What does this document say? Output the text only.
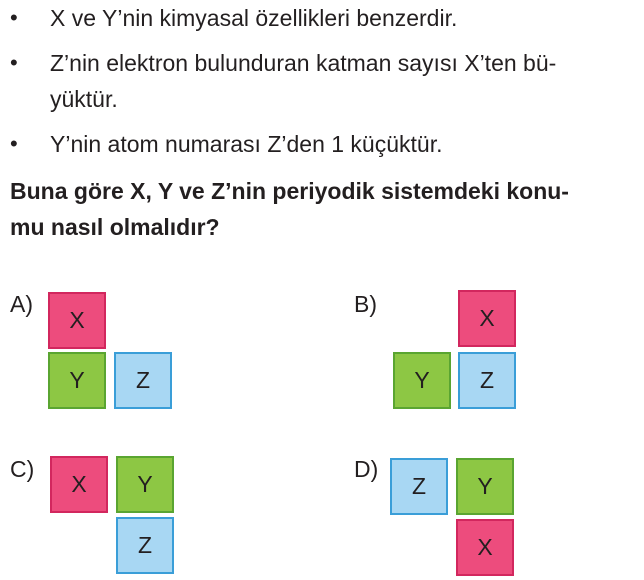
• X ve Y’nin kimyasal özellikleri benzerdir.
• Z’nin elektron bulunduran katman sayısı X’ten bü-
yüktür.
• Y’nin atom numarası Z’den 1 küçüktür.
Buna göre X, Y ve Z’nin periyodik sistemdeki konu-
mu nasıl olmalıdır?
A)
X
Y	Z
B)
X
Y	Z
C)
X	Y
Z
D)
Z	Y
X
